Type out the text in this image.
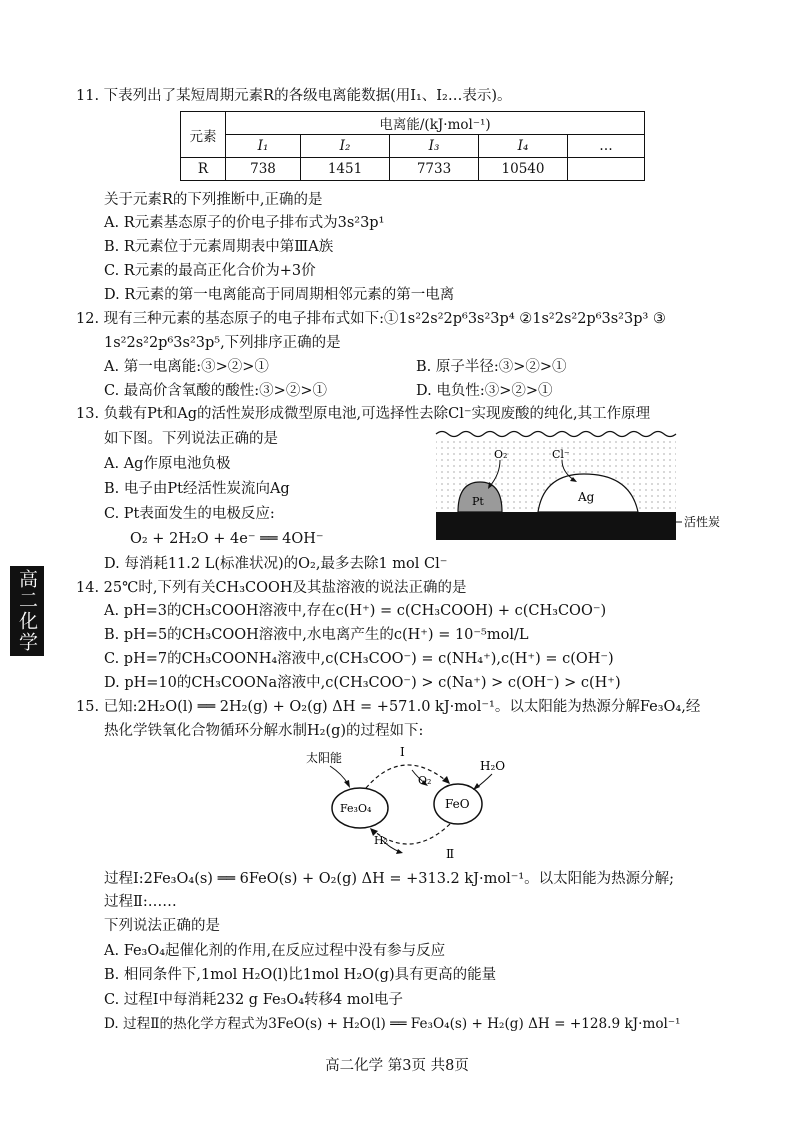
11. 下表列出了某短周期元素R的各级电离能数据(用I₁、I₂…表示)。
元素	电离能/(kJ·mol⁻¹)				
	I₁	I₂	I₃	I₄	…
R	738	1451	7733	10540	
关于元素R的下列推断中,正确的是
A. R元素基态原子的价电子排布式为3s²3p¹
B. R元素位于元素周期表中第ⅢA族
C. R元素的最高正化合价为+3价
D. R元素的第一电离能高于同周期相邻元素的第一电离
12. 现有三种元素的基态原子的电子排布式如下:①1s²2s²2p⁶3s²3p⁴ ②1s²2s²2p⁶3s²3p³ ③
1s²2s²2p⁶3s²3p⁵,下列排序正确的是
A. 第一电离能:③>②>①	B. 原子半径:③>②>①
C. 最高价含氧酸的酸性:③>②>①	D. 电负性:③>②>①
13. 负载有Pt和Ag的活性炭形成微型原电池,可选择性去除Cl⁻实现废酸的纯化,其工作原理
如下图。下列说法正确的是
A. Ag作原电池负极
B. 电子由Pt经活性炭流向Ag
C. Pt表面发生的电极反应:
O₂ + 2H₂O + 4e⁻ ══ 4OH⁻
D. 每消耗11.2 L(标准状况)的O₂,最多去除1 mol Cl⁻
O₂	Cl⁻
Pt	Ag
活性炭
高二化学	14. 25℃时,下列有关CH₃COOH及其盐溶液的说法正确的是
A. pH=3的CH₃COOH溶液中,存在c(H⁺) = c(CH₃COOH) + c(CH₃COO⁻)
B. pH=5的CH₃COOH溶液中,水电离产生的c(H⁺) = 10⁻⁵mol/L
C. pH=7的CH₃COONH₄溶液中,c(CH₃COO⁻) = c(NH₄⁺),c(H⁺) = c(OH⁻)
D. pH=10的CH₃COONa溶液中,c(CH₃COO⁻) > c(Na⁺) > c(OH⁻) > c(H⁺)
15. 已知:2H₂O(l) ══ 2H₂(g) + O₂(g) ΔH = +571.0 kJ·mol⁻¹。以太阳能为热源分解Fe₃O₄,经
热化学铁氧化合物循环分解水制H₂(g)的过程如下:
太阳能	I
O₂
H₂O
Fe₃O₄	FeO
H₂
Ⅱ
过程I:2Fe₃O₄(s) ══ 6FeO(s) + O₂(g) ΔH = +313.2 kJ·mol⁻¹。以太阳能为热源分解;
过程Ⅱ:……
下列说法正确的是
A. Fe₃O₄起催化剂的作用,在反应过程中没有参与反应
B. 相同条件下,1mol H₂O(l)比1mol H₂O(g)具有更高的能量
C. 过程I中每消耗232 g Fe₃O₄转移4 mol电子
D. 过程Ⅱ的热化学方程式为3FeO(s) + H₂O(l) ══ Fe₃O₄(s) + H₂(g) ΔH = +128.9 kJ·mol⁻¹
高二化学 第3页 共8页
